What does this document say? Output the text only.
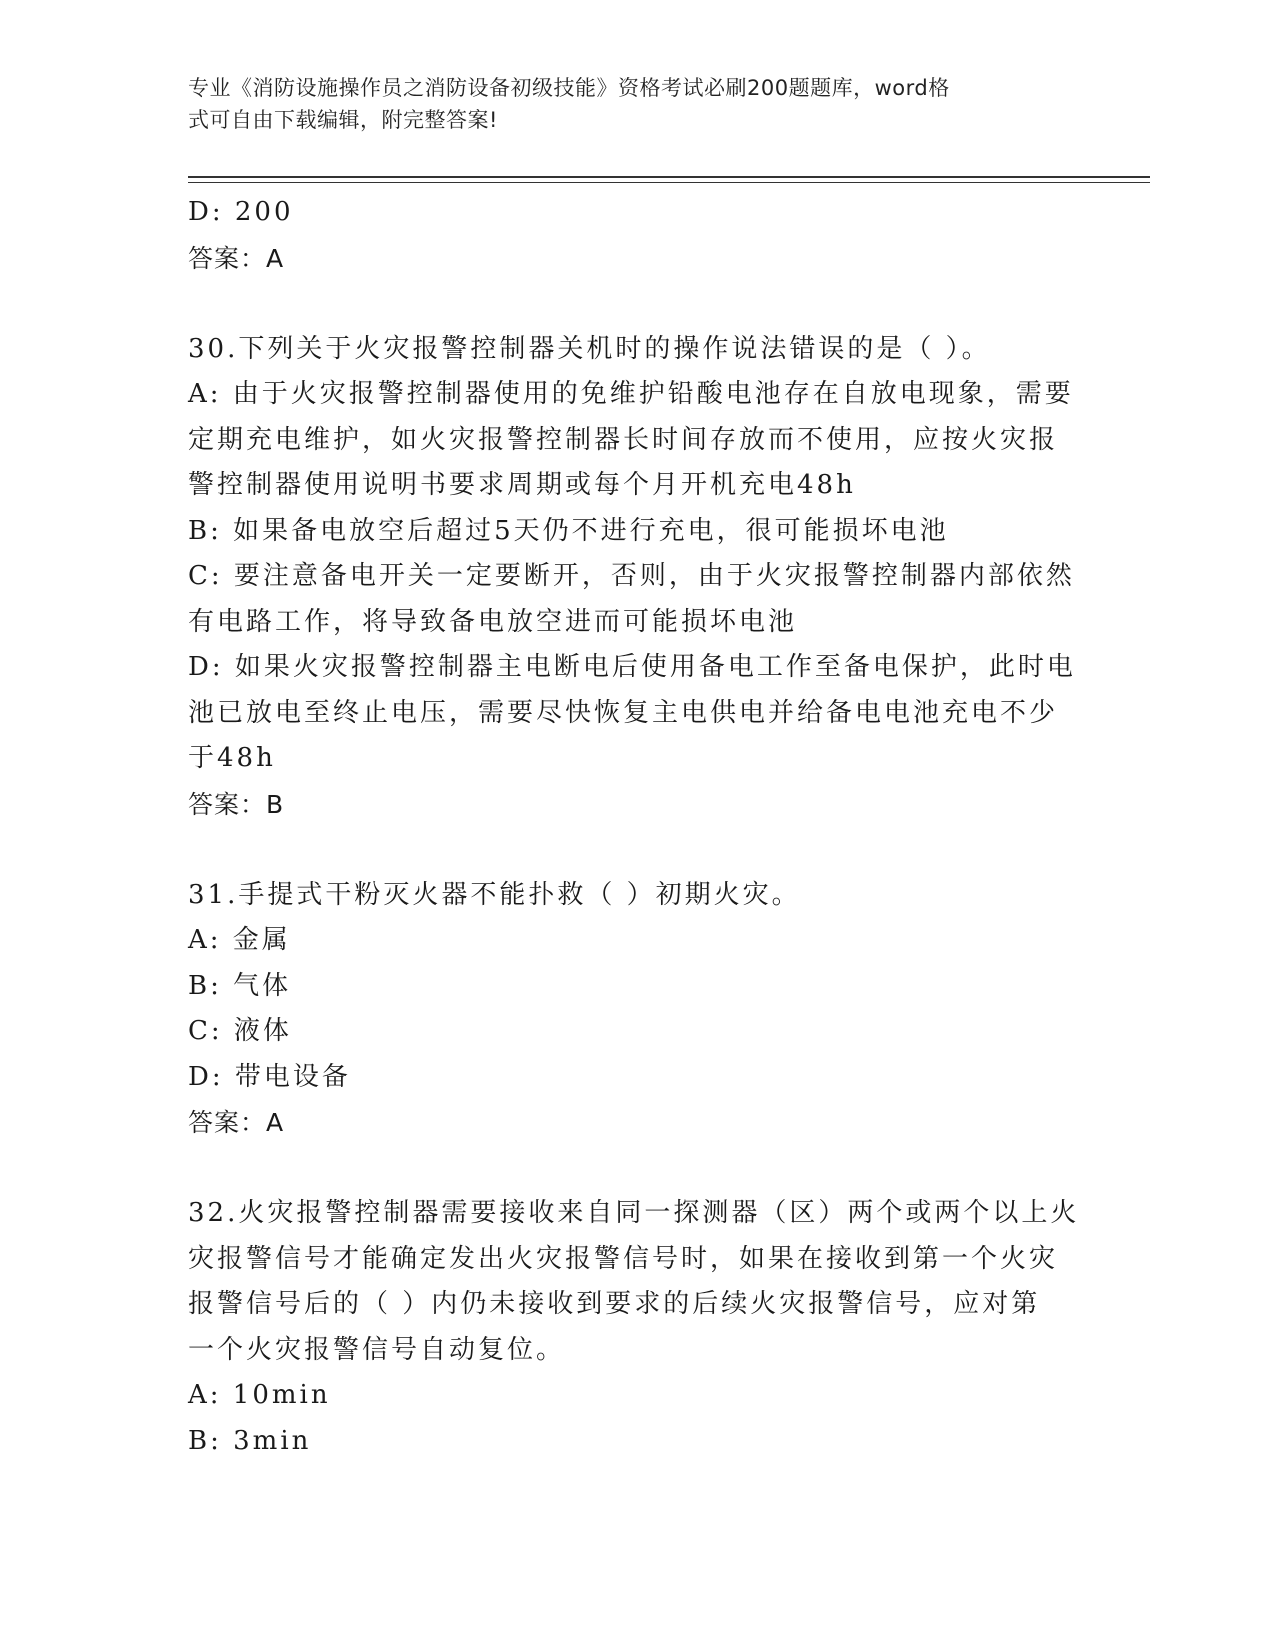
专业《消防设施操作员之消防设备初级技能》资格考试必刷200题题库，word格
式可自由下载编辑，附完整答案!
D: 200
答案：A
30.下列关于火灾报警控制器关机时的操作说法错误的是（ ）。
A: 由于火灾报警控制器使用的免维护铅酸电池存在自放电现象，需要
定期充电维护，如火灾报警控制器长时间存放而不使用，应按火灾报
警控制器使用说明书要求周期或每个月开机充电48h
B: 如果备电放空后超过5天仍不进行充电，很可能损坏电池
C: 要注意备电开关一定要断开，否则，由于火灾报警控制器内部依然
有电路工作，将导致备电放空进而可能损坏电池
D: 如果火灾报警控制器主电断电后使用备电工作至备电保护，此时电
池已放电至终止电压，需要尽快恢复主电供电并给备电电池充电不少
于48h
答案：B
31.手提式干粉灭火器不能扑救（ ）初期火灾。
A: 金属
B: 气体
C: 液体
D: 带电设备
答案：A
32.火灾报警控制器需要接收来自同一探测器（区）两个或两个以上火
灾报警信号才能确定发出火灾报警信号时，如果在接收到第一个火灾
报警信号后的（ ）内仍未接收到要求的后续火灾报警信号，应对第
一个火灾报警信号自动复位。
A: 10min
B: 3min
